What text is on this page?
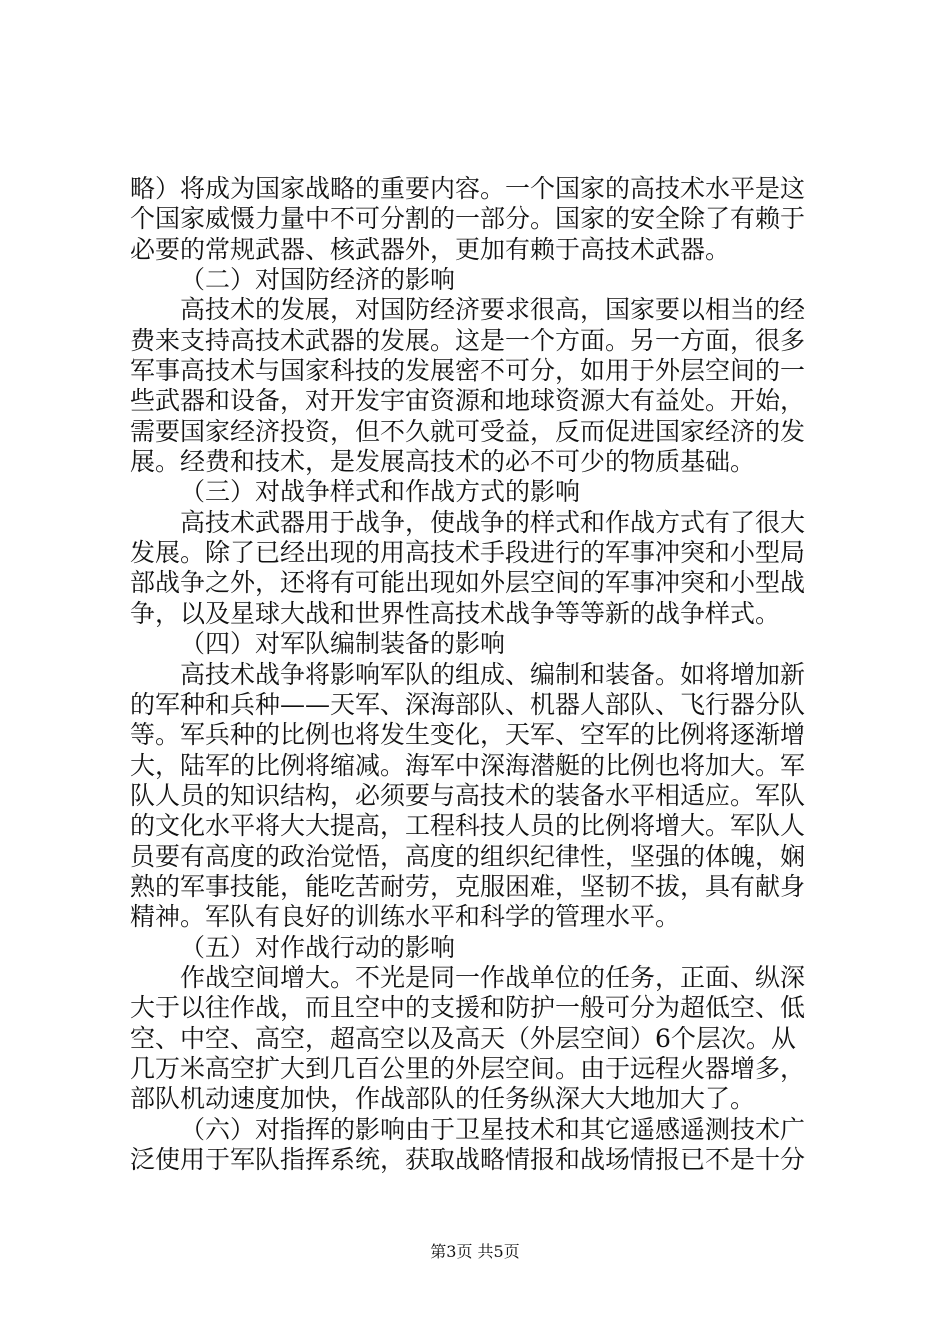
略）将成为国家战略的重要内容。一个国家的高技术水平是这
个国家威慑力量中不可分割的一部分。国家的安全除了有赖于
必要的常规武器、核武器外，更加有赖于高技术武器。
（二）对国防经济的影响
高技术的发展，对国防经济要求很高，国家要以相当的经
费来支持高技术武器的发展。这是一个方面。另一方面，很多
军事高技术与国家科技的发展密不可分，如用于外层空间的一
些武器和设备，对开发宇宙资源和地球资源大有益处。开始，
需要国家经济投资，但不久就可受益，反而促进国家经济的发
展。经费和技术，是发展高技术的必不可少的物质基础。
（三）对战争样式和作战方式的影响
高技术武器用于战争，使战争的样式和作战方式有了很大
发展。除了已经出现的用高技术手段进行的军事冲突和小型局
部战争之外，还将有可能出现如外层空间的军事冲突和小型战
争，以及星球大战和世界性高技术战争等等新的战争样式。
（四）对军队编制装备的影响
高技术战争将影响军队的组成、编制和装备。如将增加新
的军种和兵种——天军、深海部队、机器人部队、飞行器分队
等。军兵种的比例也将发生变化，天军、空军的比例将逐渐增
大，陆军的比例将缩减。海军中深海潜艇的比例也将加大。军
队人员的知识结构，必须要与高技术的装备水平相适应。军队
的文化水平将大大提高，工程科技人员的比例将增大。军队人
员要有高度的政治觉悟，高度的组织纪律性，坚强的体魄，娴
熟的军事技能，能吃苦耐劳，克服困难，坚韧不拔，具有献身
精神。军队有良好的训练水平和科学的管理水平。
（五）对作战行动的影响
作战空间增大。不光是同一作战单位的任务，正面、纵深
大于以往作战，而且空中的支援和防护一般可分为超低空、低
空、中空、高空，超高空以及高天（外层空间）6个层次。从
几万米高空扩大到几百公里的外层空间。由于远程火器增多，
部队机动速度加快，作战部队的任务纵深大大地加大了。
（六）对指挥的影响由于卫星技术和其它遥感遥测技术广
泛使用于军队指挥系统，获取战略情报和战场情报已不是十分
第3页 共5页
